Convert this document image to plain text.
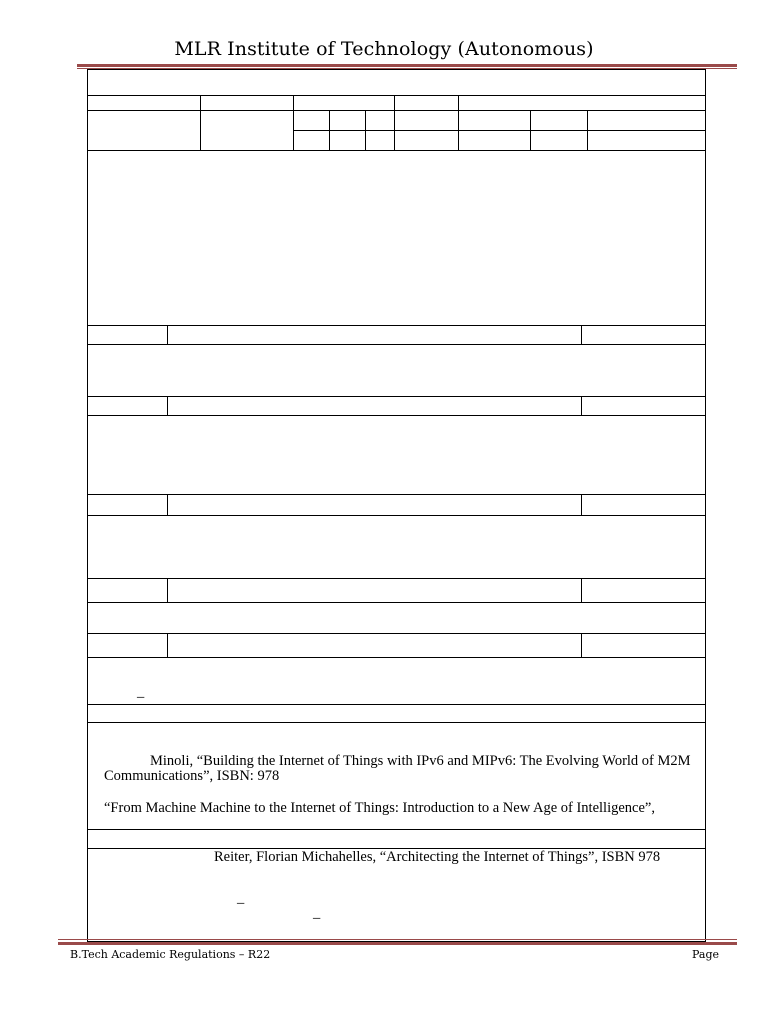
MLR Institute of Technology (Autonomous)
–
Minoli, “Building the Internet of Things with IPv6 and MIPv6: The Evolving World of M2M
Communications”, ISBN: 978
“From Machine Machine to the Internet of Things: Introduction to a New Age of Intelligence”,
Reiter, Florian Michahelles, “Architecting the Internet of Things”, ISBN 978
–
–
B.Tech Academic Regulations – R22	Page
